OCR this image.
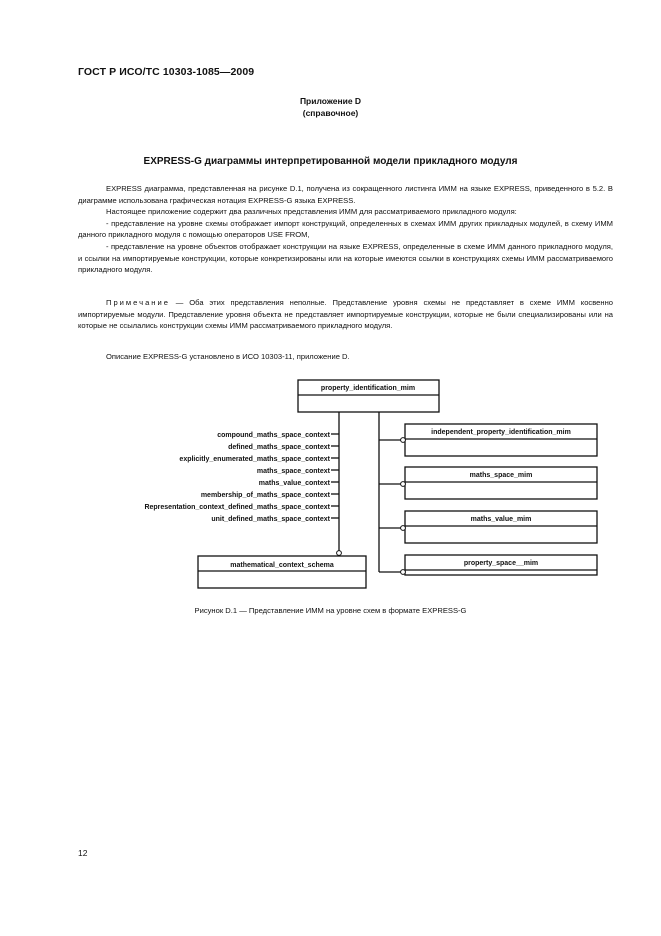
ГОСТ Р ИСО/ТС 10303-1085—2009
Приложение D
(справочное)
EXPRESS-G диаграммы интерпретированной модели прикладного модуля

EXPRESS диаграмма, представленная на рисунке D.1, получена из сокращенного листинга ИММ на языке EXPRESS, приведенного в 5.2. В диаграмме использована графическая нотация EXPRESS-G языка EXPRESS.

Настоящее приложение содержит два различных представления ИММ для рассматриваемого прикладного модуля:

- представление на уровне схемы отображает импорт конструкций, определенных в схемах ИММ других прикладных модулей, в схему ИММ данного прикладного модуля с помощью операторов USE FROM,

- представление на уровне объектов отображает конструкции на языке EXPRESS, определенные в схеме ИММ данного прикладного модуля, и ссылки на импортируемые конструкции, которые конкретизированы или на которые имеются ссылки в конструкциях схемы ИММ рассматриваемого прикладного модуля.

Примечание — Оба этих представления неполные. Представление уровня схемы не представляет в схеме ИММ косвенно импортируемые модули. Представление уровня объекта не представляет импортируемые конструкции, которые не были специализированы или на которые не ссылались конструкции схемы ИММ рассматриваемого прикладного модуля.

Описание EXPRESS-G установлено в ИСО 10303-11, приложение D.

property_identification_mim
independent_property_identification_mim
maths_space_mim
maths_value_mim
property_space__mim
mathematical_context_schema
compound_maths_space_context
defined_maths_space_context
explicitly_enumerated_maths_space_context
maths_space_context
maths_value_context
membership_of_maths_space_context
Representation_context_defined_maths_space_context
unit_defined_maths_space_context
Рисунок D.1 — Представление ИММ на уровне схем в формате EXPRESS-G
12
